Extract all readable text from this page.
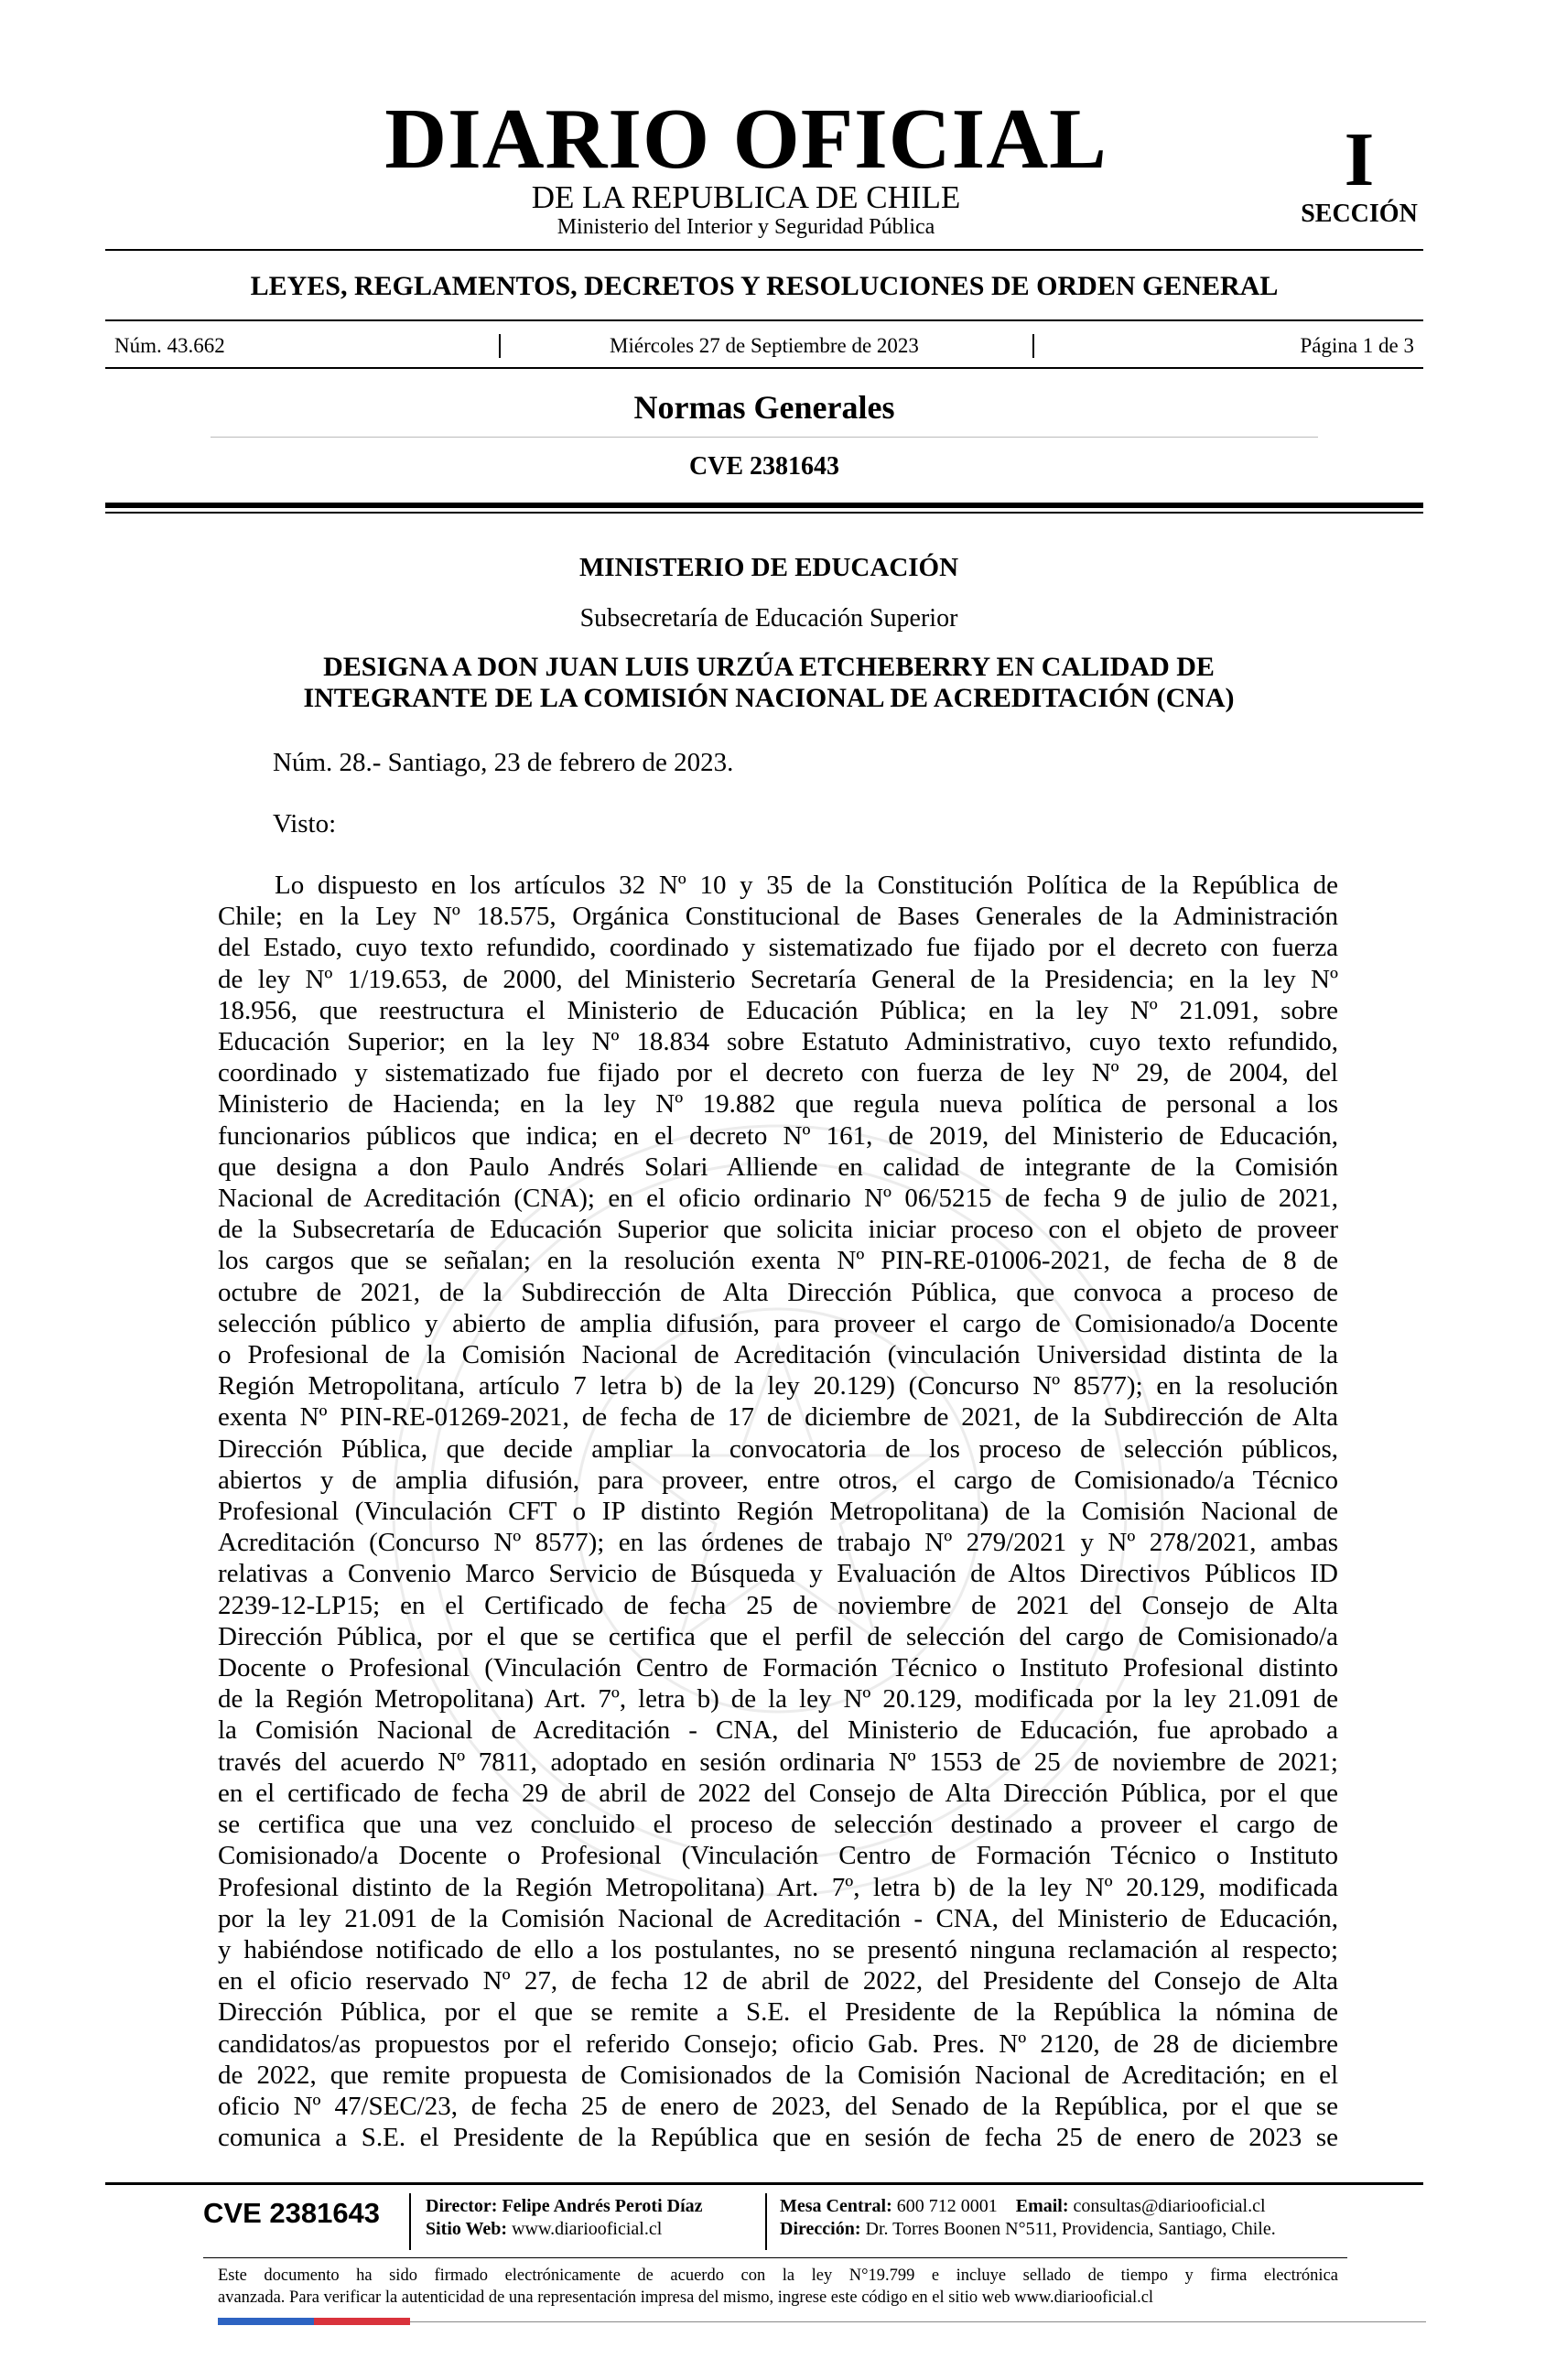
DIARIO OFICIAL
DE LA REPUBLICA DE CHILE
Ministerio del Interior y Seguridad Pública
I
SECCIÓN
LEYES, REGLAMENTOS, DECRETOS Y RESOLUCIONES DE ORDEN GENERAL
Núm. 43.662	Miércoles 27 de Septiembre de 2023	Página 1 de 3
Normas Generales
CVE 2381643
MINISTERIO DE EDUCACIÓN
Subsecretaría de Educación Superior
DESIGNA A DON JUAN LUIS URZÚA ETCHEBERRY EN CALIDAD DE
INTEGRANTE DE LA COMISIÓN NACIONAL DE ACREDITACIÓN (CNA)
Núm. 28.- Santiago, 23 de febrero de 2023.
Visto:
Lo dispuesto en los artículos 32 Nº 10 y 35 de la Constitución Política de la República de
Chile; en la Ley Nº 18.575, Orgánica Constitucional de Bases Generales de la Administración
del Estado, cuyo texto refundido, coordinado y sistematizado fue fijado por el decreto con fuerza
de ley Nº 1/19.653, de 2000, del Ministerio Secretaría General de la Presidencia; en la ley Nº
18.956, que reestructura el Ministerio de Educación Pública; en la ley Nº 21.091, sobre
Educación Superior; en la ley Nº 18.834 sobre Estatuto Administrativo, cuyo texto refundido,
coordinado y sistematizado fue fijado por el decreto con fuerza de ley Nº 29, de 2004, del
Ministerio de Hacienda; en la ley Nº 19.882 que regula nueva política de personal a los
funcionarios públicos que indica; en el decreto Nº 161, de 2019, del Ministerio de Educación,
que designa a don Paulo Andrés Solari Alliende en calidad de integrante de la Comisión
Nacional de Acreditación (CNA); en el oficio ordinario Nº 06/5215 de fecha 9 de julio de 2021,
de la Subsecretaría de Educación Superior que solicita iniciar proceso con el objeto de proveer
los cargos que se señalan; en la resolución exenta Nº PIN-RE-01006-2021, de fecha de 8 de
octubre de 2021, de la Subdirección de Alta Dirección Pública, que convoca a proceso de
selección público y abierto de amplia difusión, para proveer el cargo de Comisionado/a Docente
o Profesional de la Comisión Nacional de Acreditación (vinculación Universidad distinta de la
Región Metropolitana, artículo 7 letra b) de la ley 20.129) (Concurso Nº 8577); en la resolución
exenta Nº PIN-RE-01269-2021, de fecha de 17 de diciembre de 2021, de la Subdirección de Alta
Dirección Pública, que decide ampliar la convocatoria de los proceso de selección públicos,
abiertos y de amplia difusión, para proveer, entre otros, el cargo de Comisionado/a Técnico
Profesional (Vinculación CFT o IP distinto Región Metropolitana) de la Comisión Nacional de
Acreditación (Concurso Nº 8577); en las órdenes de trabajo Nº 279/2021 y Nº 278/2021, ambas
relativas a Convenio Marco Servicio de Búsqueda y Evaluación de Altos Directivos Públicos ID
2239-12-LP15; en el Certificado de fecha 25 de noviembre de 2021 del Consejo de Alta
Dirección Pública, por el que se certifica que el perfil de selección del cargo de Comisionado/a
Docente o Profesional (Vinculación Centro de Formación Técnico o Instituto Profesional distinto
de la Región Metropolitana) Art. 7º, letra b) de la ley Nº 20.129, modificada por la ley 21.091 de
la Comisión Nacional de Acreditación - CNA, del Ministerio de Educación, fue aprobado a
través del acuerdo Nº 7811, adoptado en sesión ordinaria Nº 1553 de 25 de noviembre de 2021;
en el certificado de fecha 29 de abril de 2022 del Consejo de Alta Dirección Pública, por el que
se certifica que una vez concluido el proceso de selección destinado a proveer el cargo de
Comisionado/a Docente o Profesional (Vinculación Centro de Formación Técnico o Instituto
Profesional distinto de la Región Metropolitana) Art. 7º, letra b) de la ley Nº 20.129, modificada
por la ley 21.091 de la Comisión Nacional de Acreditación - CNA, del Ministerio de Educación,
y habiéndose notificado de ello a los postulantes, no se presentó ninguna reclamación al respecto;
en el oficio reservado Nº 27, de fecha 12 de abril de 2022, del Presidente del Consejo de Alta
Dirección Pública, por el que se remite a S.E. el Presidente de la República la nómina de
candidatos/as propuestos por el referido Consejo; oficio Gab. Pres. Nº 2120, de 28 de diciembre
de 2022, que remite propuesta de Comisionados de la Comisión Nacional de Acreditación; en el
oficio Nº 47/SEC/23, de fecha 25 de enero de 2023, del Senado de la República, por el que se
comunica a S.E. el Presidente de la República que en sesión de fecha 25 de enero de 2023 se
CVE 2381643 Director: Felipe Andrés Peroti Díaz
Sitio Web: www.diariooficial.cl
Mesa Central: 600 712 0001 Email: consultas@diariooficial.cl
Dirección: Dr. Torres Boonen N°511, Providencia, Santiago, Chile.
Este documento ha sido firmado electrónicamente de acuerdo con la ley N°19.799 e incluye sellado de tiempo y firma electrónica
avanzada. Para verificar la autenticidad de una representación impresa del mismo, ingrese este código en el sitio web www.diariooficial.cl
